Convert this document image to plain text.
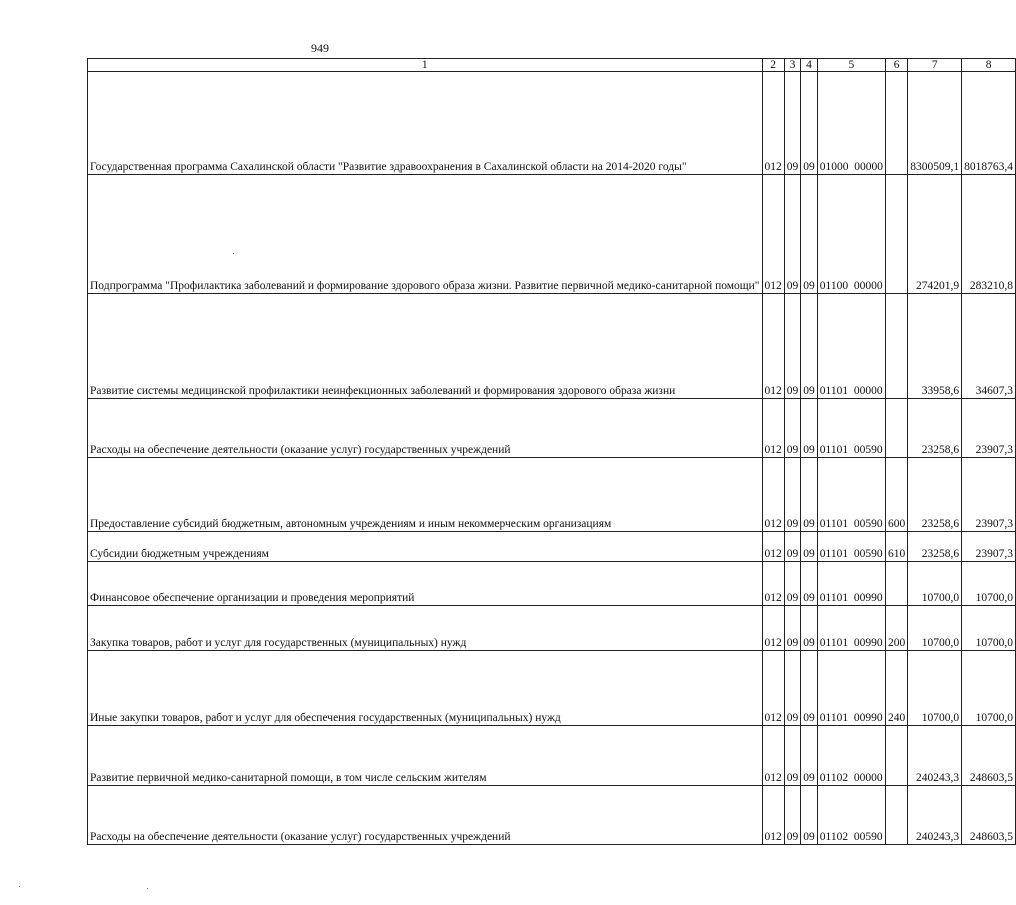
949
1	2	3	4	5	6	7	8

Государственная программа Сахалинской области "Развитие здравоохранения в Сахалинской области на 2014-2020 годы"	012	09	09	01000  00000		8300509,1	8018763,4

Подпрограмма "Профилактика заболеваний и формирование здорового образа жизни. Развитие первичной медико-санитарной помощи"	012	09	09	01100  00000		274201,9	283210,8

Развитие системы медицинской профилактики неинфекционных заболеваний и формирования здорового образа жизни	012	09	09	01101  00000		33958,6	34607,3

Расходы на обеспечение деятельности (оказание услуг) государственных учреждений	012	09	09	01101  00590		23258,6	23907,3

Предоставление субсидий бюджетным, автономным учреждениям и иным некоммерческим организациям	012	09	09	01101  00590	600	23258,6	23907,3

Субсидии бюджетным учреждениям	012	09	09	01101  00590	610	23258,6	23907,3

Финансовое обеспечение организации и проведения мероприятий	012	09	09	01101  00990		10700,0	10700,0

Закупка товаров, работ и услуг для государственных (муниципальных) нужд	012	09	09	01101  00990	200	10700,0	10700,0

Иные закупки товаров, работ и услуг для обеспечения государственных (муниципальных) нужд	012	09	09	01101  00990	240	10700,0	10700,0

Развитие первичной медико-санитарной помощи, в том числе сельским жителям	012	09	09	01102  00000		240243,3	248603,5

Расходы на обеспечение деятельности (оказание услуг) государственных учреждений	012	09	09	01102  00590		240243,3	248603,5
